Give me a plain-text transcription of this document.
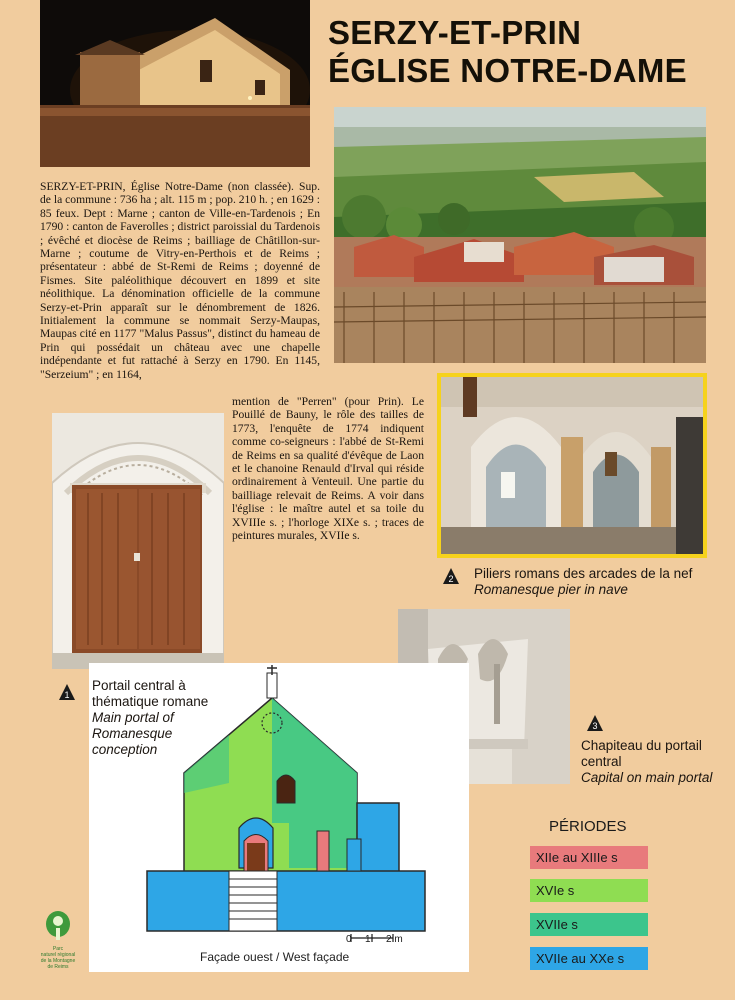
SERZY-ET-PRIN
ÉGLISE NOTRE-DAME
SERZY-ET-PRIN, Église Notre-Dame (non classée). Sup. de la commune : 736 ha ; alt. 115 m ; pop. 210 h. ; en 1629 : 85 feux. Dept : Marne ; canton de Ville-en-Tardenois ; En 1790 : canton de Faverolles ; district paroissial du Tardenois ; évêché et diocèse de Reims ; bailliage de Châtillon-sur-Marne ; coutume de Vitry-en-Perthois et de Reims ; présentateur : abbé de St-Remi de Reims ; doyenné de Fismes. Site paléolithique découvert en 1899 et site néolithique. La dénomination officielle de la commune Serzy-et-Prin apparaît sur le dénombrement de 1826. Initialement la commune se nommait Serzy-Maupas, Maupas cité en 1177 "Malus Passus", distinct du hameau de Prin qui possédait un château avec une chapelle indépendante et fut rattaché à Serzy en 1790. En 1145, "Serzeium" ; en 1164,
mention de "Perren" (pour Prin). Le Pouillé de Bauny, le rôle des tailles de 1773, l'enquête de 1774 indiquent comme co-seigneurs : l'abbé de St-Remi de Reims en sa qualité d'évêque de Laon et le chanoine Renauld d'Irval qui réside ordinairement à Venteuil. Une partie du bailliage relevait de Reims. A voir dans l'église : le maître autel et sa toile du XVIIIe s. ; l'horloge XIXe s. ; traces de peintures murales, XVIIe s.
0 1 2 m
Façade ouest / West façade
1
Portail central à thématique romane
Main portal of Romanesque conception
2 Piliers romans des arcades de la nef
Romanesque pier in nave
3
Chapiteau du portail central
Capital on main portal
PÉRIODES
XIIe au XIIIe s
XVIe s
XVIIe s
XVIIe au XXe s
Parc
naturel régional
de la Montagne de Reims
